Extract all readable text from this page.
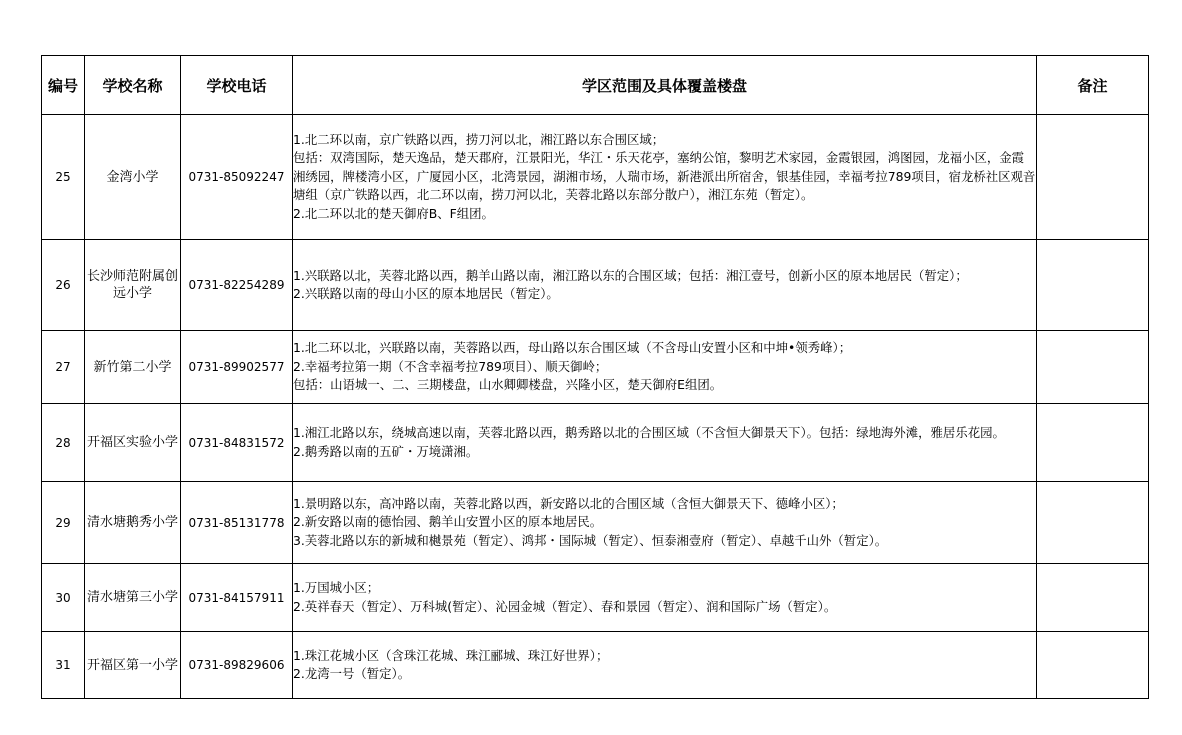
编号	学校名称	学校电话	学区范围及具体覆盖楼盘	备注
25	金湾小学	0731-85092247	1.北二环以南，京广铁路以西，捞刀河以北，湘江路以东合围区域；
包括：双湾国际，楚天逸品，楚天郡府，江景阳光，华江・乐天花亭，塞纳公馆，黎明艺术家园，金霞银园，鸿图园，龙福小区，金霞湘绣园，牌楼湾小区，广厦园小区，北湾景园，湖湘市场，人瑞市场，新港派出所宿舍，银基佳园，幸福考拉789项目，宿龙桥社区观音塘组（京广铁路以西，北二环以南，捞刀河以北，芙蓉北路以东部分散户），湘江东苑（暂定）。
2.北二环以北的楚天御府B、F组团。	

26	长沙师范附属创远小学	0731-82254289	1.兴联路以北，芙蓉北路以西，鹅羊山路以南，湘江路以东的合围区域；包括：湘江壹号，创新小区的原本地居民（暂定）；
2.兴联路以南的母山小区的原本地居民（暂定）。	

27	新竹第二小学	0731-89902577	1.北二环以北，兴联路以南，芙蓉路以西，母山路以东合围区域（不含母山安置小区和中坤•领秀峰）；
2.幸福考拉第一期（不含幸福考拉789项目）、顺天御岭；
包括：山语城一、二、三期楼盘，山水卿卿楼盘，兴隆小区，楚天御府E组团。	

28	开福区实验小学	0731-84831572	1.湘江北路以东，绕城高速以南，芙蓉北路以西，鹅秀路以北的合围区域（不含恒大御景天下）。包括：绿地海外滩，雅居乐花园。
2.鹅秀路以南的五矿・万境潇湘。	

29	清水塘鹅秀小学	0731-85131778	1.景明路以东，高冲路以南，芙蓉北路以西，新安路以北的合围区域（含恒大御景天下、德峰小区）；
2.新安路以南的德怡园、鹅羊山安置小区的原本地居民。
3.芙蓉北路以东的新城和樾景苑（暂定）、鸿邦・国际城（暂定）、恒泰湘壹府（暂定）、卓越千山外（暂定）。	

30	清水塘第三小学	0731-84157911	1.万国城小区；
2.英祥春天（暂定）、万科城(暂定）、沁园金城（暂定）、春和景园（暂定）、润和国际广场（暂定）。	

31	开福区第一小学	0731-89829606	1.珠江花城小区（含珠江花城、珠江郦城、珠江好世界）；
2.龙湾一号（暂定）。	
